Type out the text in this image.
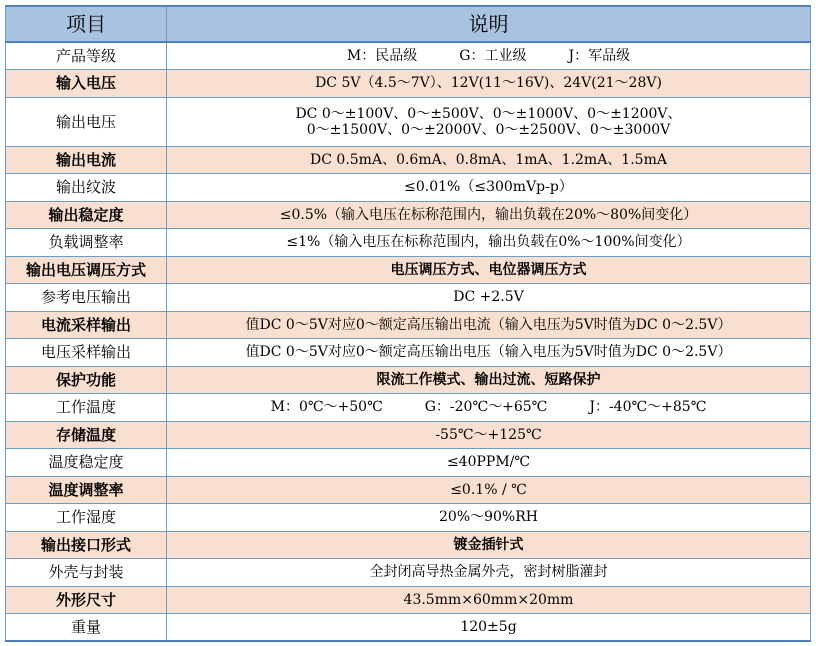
项目	说明
产品等级	M：民品级 G：工业级 J：军品级
输入电压	DC 5V（4.5～7V）、12V(11～16V)、24V(21～28V)
输出电压	DC 0～±100V、0～±500V、0～±1000V、0～±1200V、
0～±1500V、0～±2000V、0～±2500V、0～±3000V

输出电流	DC 0.5mA、0.6mA、0.8mA、1mA、1.2mA、1.5mA
输出纹波	≤0.01%（≤300mVp-p）
输出稳定度	≤0.5%（输入电压在标称范围内，输出负载在20%～80%间变化）
负载调整率	≤1%（输入电压在标称范围内，输出负载在0%～100%间变化）
输出电压调压方式	电压调压方式、电位器调压方式
参考电压输出	DC +2.5V
电流采样输出	值DC 0～5V对应0～额定高压输出电流（输入电压为5V时值为DC 0～2.5V）
电压采样输出	值DC 0～5V对应0～额定高压输出电压（输入电压为5V时值为DC 0～2.5V）
保护功能	限流工作模式、输出过流、短路保护
工作温度	M：0℃～+50℃ G：-20℃～+65℃ J：-40℃～+85℃
存储温度	-55℃～+125℃
温度稳定度	≤40PPM/℃
温度调整率	≤0.1% / ℃
工作湿度	20%～90%RH
输出接口形式	镀金插针式
外壳与封装	全封闭高导热金属外壳，密封树脂灌封
外形尺寸	43.5mm×60mm×20mm
重量	120±5g
